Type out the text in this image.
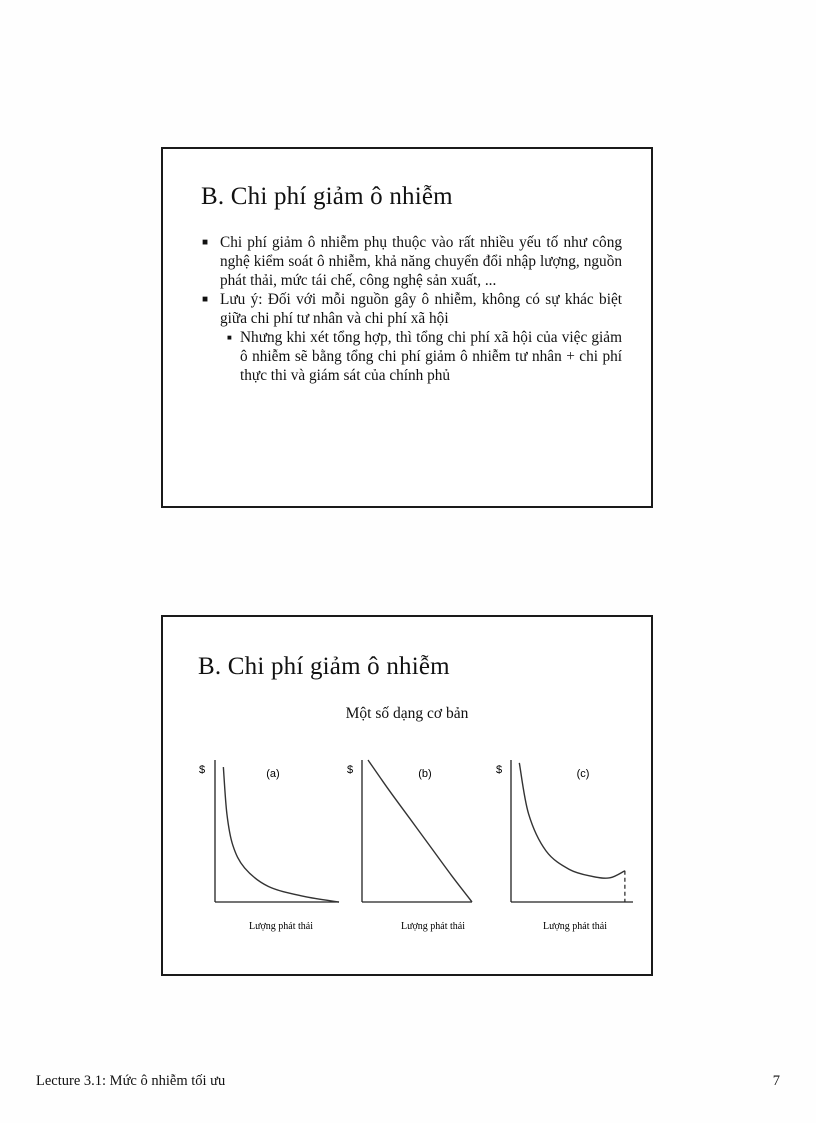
B. Chi phí giảm ô nhiễm
■ Chi phí giảm ô nhiễm phụ thuộc vào rất nhiều yếu tố như công nghệ kiểm soát ô nhiễm, khả năng chuyển đổi nhập lượng, nguồn phát thải, mức tái chế, công nghệ sản xuất, ...
■ Lưu ý: Đối với mỗi nguồn gây ô nhiễm, không có sự khác biệt giữa chi phí tư nhân và chi phí xã hội
■ Nhưng khi xét tổng hợp, thì tổng chi phí xã hội của việc giảm ô nhiễm sẽ bằng tổng chi phí giảm ô nhiễm tư nhân + chi phí thực thi và giám sát của chính phủ
B. Chi phí giảm ô nhiễm
Một số dạng cơ bản
$	(a)
Lượng phát thải
$	(b)
Lượng phát thải
$	(c)
Lượng phát thải
Lecture 3.1: Mức ô nhiễm tối ưu	7
